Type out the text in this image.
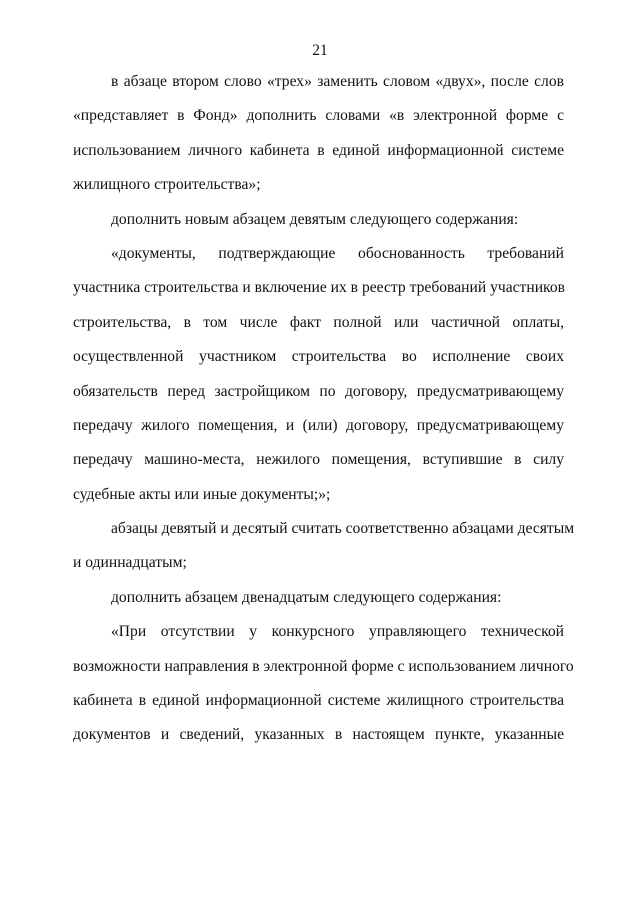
21
в абзаце втором слово «трех» заменить словом «двух», после слов
«представляет в Фонд» дополнить словами «в электронной форме с
использованием личного кабинета в единой информационной системе
жилищного строительства»;
дополнить новым абзацем девятым следующего содержания:
«документы, подтверждающие обоснованность требований
участника строительства и включение их в реестр требований участников
строительства, в том числе факт полной или частичной оплаты,
осуществленной участником строительства во исполнение своих
обязательств перед застройщиком по договору, предусматривающему
передачу жилого помещения, и (или) договору, предусматривающему
передачу машино-места, нежилого помещения, вступившие в силу
судебные акты или иные документы;»;
абзацы девятый и десятый считать соответственно абзацами десятым
и одиннадцатым;
дополнить абзацем двенадцатым следующего содержания:
«При отсутствии у конкурсного управляющего технической
возможности направления в электронной форме с использованием личного
кабинета в единой информационной системе жилищного строительства
документов и сведений, указанных в настоящем пункте, указанные
